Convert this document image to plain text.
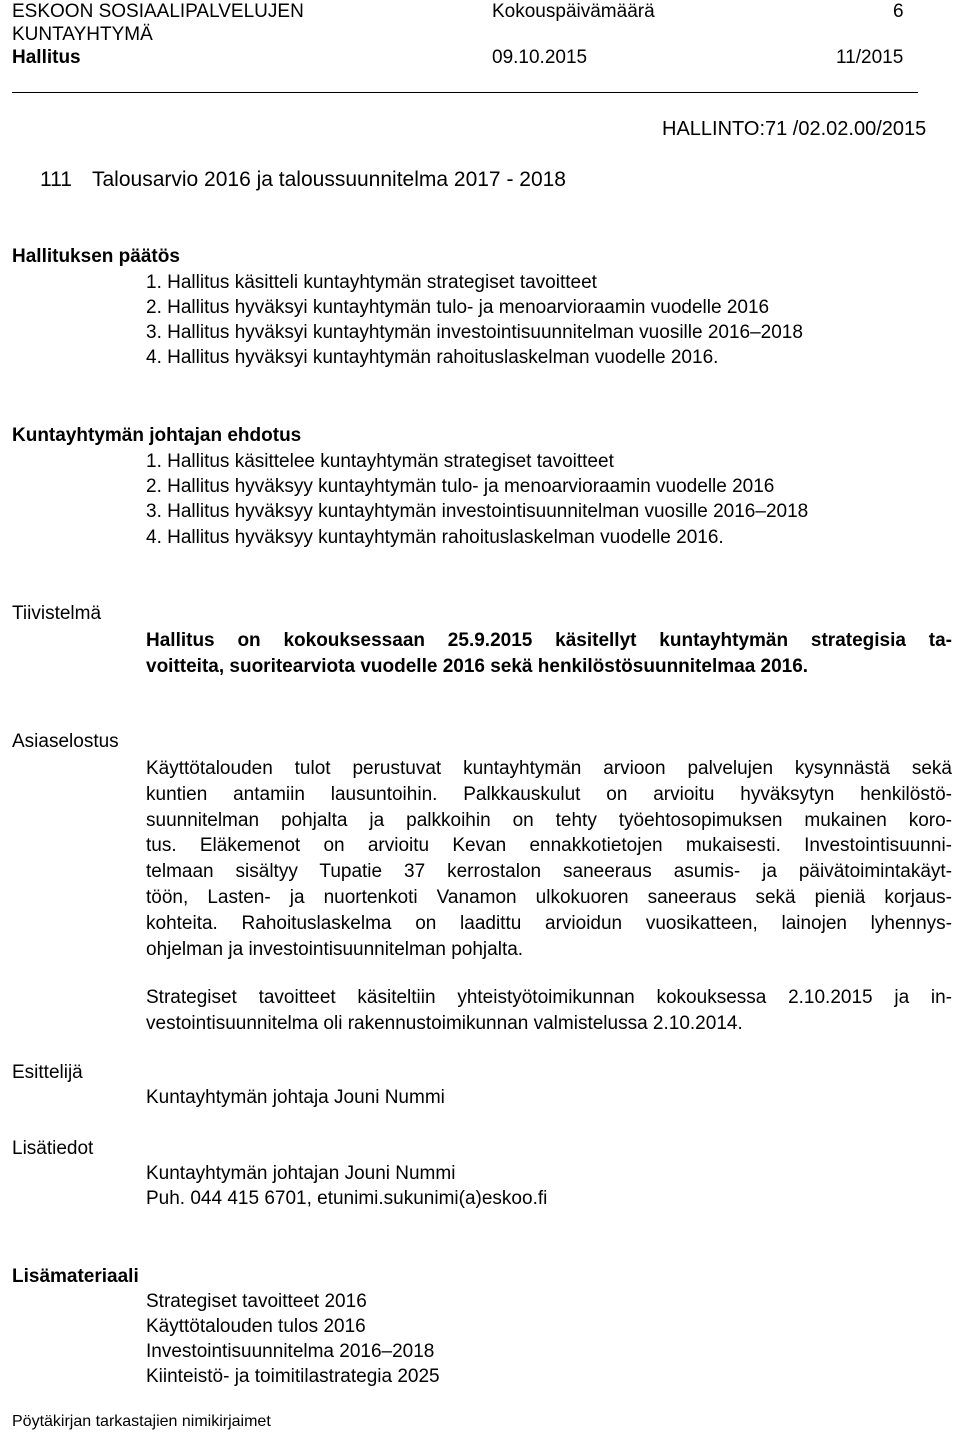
ESKOON SOSIAALIPALVELUJEN
KUNTAYHTYMÄ
Hallitus
Kokouspäivämäärä
09.10.2015
6
11/2015
HALLINTO:71 /02.02.00/2015
111 Talousarvio 2016 ja taloussuunnitelma 2017 - 2018
Hallituksen päätös
1. Hallitus käsitteli kuntayhtymän strategiset tavoitteet
2. Hallitus hyväksyi kuntayhtymän tulo- ja menoarvioraamin vuodelle 2016
3. Hallitus hyväksyi kuntayhtymän investointisuunnitelman vuosille 2016–2018
4. Hallitus hyväksyi kuntayhtymän rahoituslaskelman vuodelle 2016.
Kuntayhtymän johtajan ehdotus
1. Hallitus käsittelee kuntayhtymän strategiset tavoitteet
2. Hallitus hyväksyy kuntayhtymän tulo- ja menoarvioraamin vuodelle 2016
3. Hallitus hyväksyy kuntayhtymän investointisuunnitelman vuosille 2016–2018
4. Hallitus hyväksyy kuntayhtymän rahoituslaskelman vuodelle 2016.
Tiivistelmä
Hallitus on kokouksessaan 25.9.2015 käsitellyt kuntayhtymän strategisia ta-
voitteita, suoritearviota vuodelle 2016 sekä henkilöstösuunnitelmaa 2016.
Asiaselostus
Käyttötalouden tulot perustuvat kuntayhtymän arvioon palvelujen kysynnästä sekä
kuntien antamiin lausuntoihin. Palkkauskulut on arvioitu hyväksytyn henkilöstö-
suunnitelman pohjalta ja palkkoihin on tehty työehtosopimuksen mukainen koro-
tus. Eläkemenot on arvioitu Kevan ennakkotietojen mukaisesti. Investointisuunni-
telmaan sisältyy Tupatie 37 kerrostalon saneeraus asumis- ja päivätoimintakäyt-
töön, Lasten- ja nuortenkoti Vanamon ulkokuoren saneeraus sekä pieniä korjaus-
kohteita. Rahoituslaskelma on laadittu arvioidun vuosikatteen, lainojen lyhennys-
ohjelman ja investointisuunnitelman pohjalta.
Strategiset tavoitteet käsiteltiin yhteistyötoimikunnan kokouksessa 2.10.2015 ja in-
vestointisuunnitelma oli rakennustoimikunnan valmistelussa 2.10.2014.
Esittelijä
Kuntayhtymän johtaja Jouni Nummi
Lisätiedot
Kuntayhtymän johtajan Jouni Nummi
Puh. 044 415 6701, etunimi.sukunimi(a)eskoo.fi
Lisämateriaali
Strategiset tavoitteet 2016
Käyttötalouden tulos 2016
Investointisuunnitelma 2016–2018
Kiinteistö- ja toimitilastrategia 2025
Pöytäkirjan tarkastajien nimikirjaimet
